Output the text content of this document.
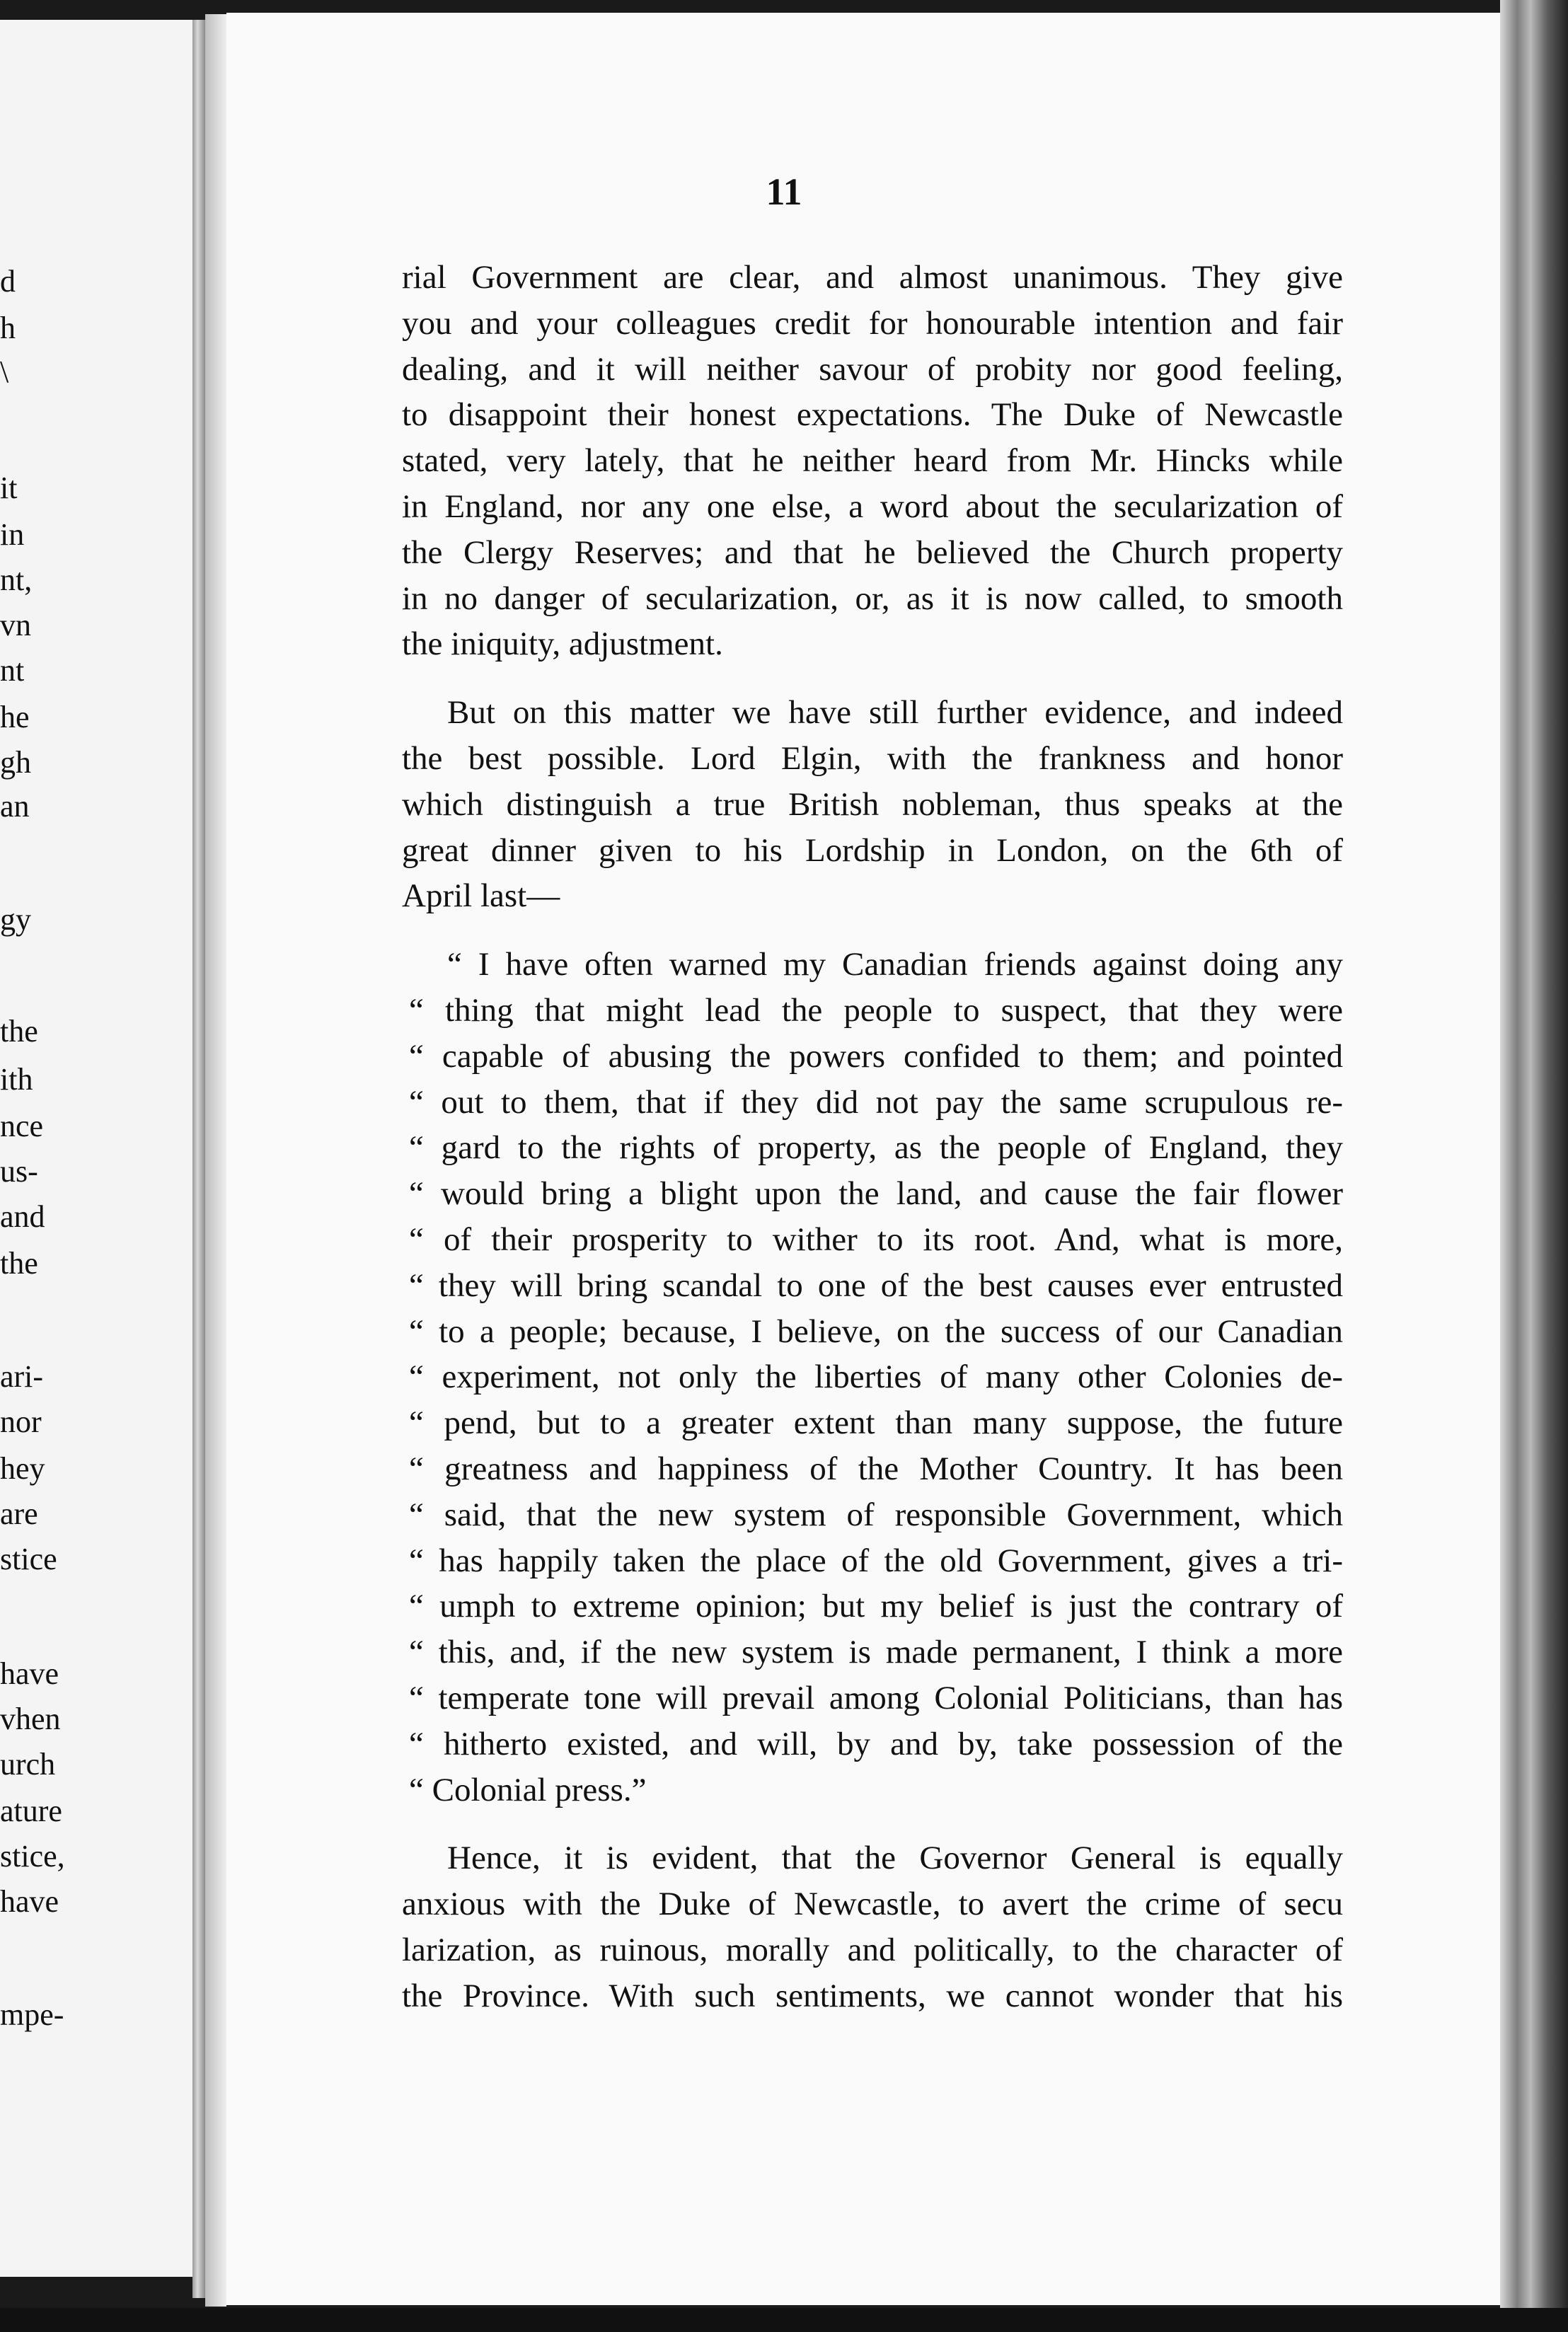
d
h
\
it
in
nt,
vn
nt
he
gh
an
gy
the
ith
nce
us-
and
the
ari-
nor
hey
are
stice
have
vhen
urch
ature
stice,
have
mpe-
11
rial Government are clear, and almost unanimous. They give
you and your colleagues credit for honourable intention and fair
dealing, and it will neither savour of probity nor good feeling,
to disappoint their honest expectations. The Duke of Newcastle
stated, very lately, that he neither heard from Mr. Hincks while
in England, nor any one else, a word about the secularization of
the Clergy Reserves; and that he believed the Church property
in no danger of secularization, or, as it is now called, to smooth
the iniquity, adjustment.
But on this matter we have still further evidence, and indeed
the best possible. Lord Elgin, with the frankness and honor
which distinguish a true British nobleman, thus speaks at the
great dinner given to his Lordship in London, on the 6th of
April last—
“ I have often warned my Canadian friends against doing any
“ thing that might lead the people to suspect, that they were
“ capable of abusing the powers confided to them; and pointed
“ out to them, that if they did not pay the same scrupulous re-
“ gard to the rights of property, as the people of England, they
“ would bring a blight upon the land, and cause the fair flower
“ of their prosperity to wither to its root. And, what is more,
“ they will bring scandal to one of the best causes ever entrusted
“ to a people; because, I believe, on the success of our Canadian
“ experiment, not only the liberties of many other Colonies de-
“ pend, but to a greater extent than many suppose, the future
“ greatness and happiness of the Mother Country. It has been
“ said, that the new system of responsible Government, which
“ has happily taken the place of the old Government, gives a tri-
“ umph to extreme opinion; but my belief is just the contrary of
“ this, and, if the new system is made permanent, I think a more
“ temperate tone will prevail among Colonial Politicians, than has
“ hitherto existed, and will, by and by, take possession of the
“ Colonial press.”
Hence, it is evident, that the Governor General is equally
anxious with the Duke of Newcastle, to avert the crime of secu
larization, as ruinous, morally and politically, to the character of
the Province. With such sentiments, we cannot wonder that his
